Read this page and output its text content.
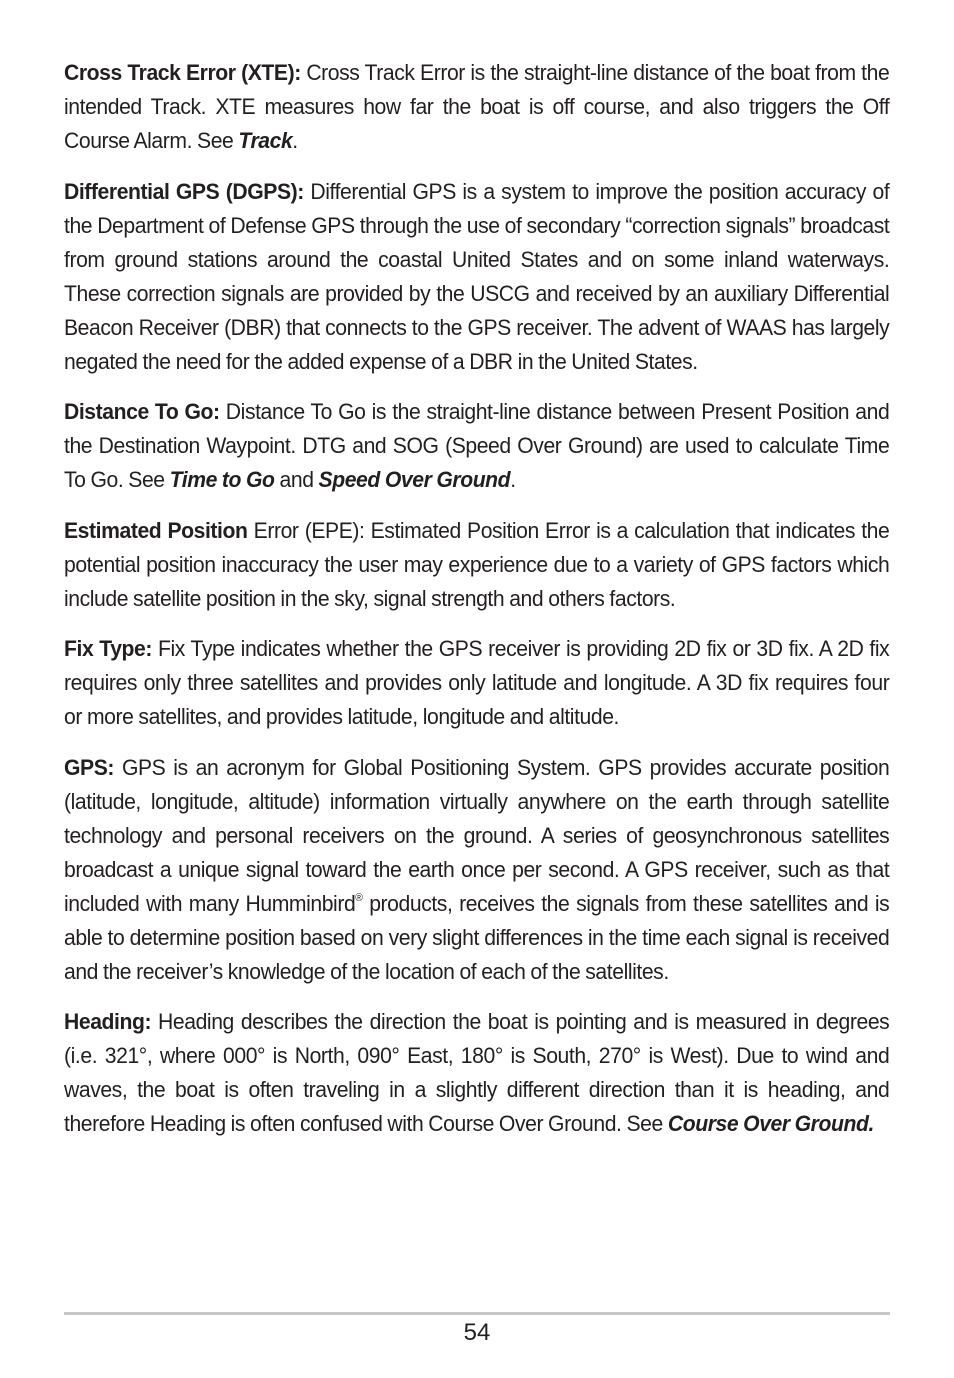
Cross Track Error (XTE): Cross Track Error is the straight-line distance of the boat from the intended Track. XTE measures how far the boat is off course, and also triggers the Off Course Alarm. See Track.

Differential GPS (DGPS): Differential GPS is a system to improve the position accuracy of the Department of Defense GPS through the use of secondary “correction signals” broadcast from ground stations around the coastal United States and on some inland waterways. These correction signals are provided by the USCG and received by an auxiliary Differential Beacon Receiver (DBR) that connects to the GPS receiver. The advent of WAAS has largely negated the need for the added expense of a DBR in the United States.

Distance To Go: Distance To Go is the straight-line distance between Present Position and the Destination Waypoint. DTG and SOG (Speed Over Ground) are used to calculate Time To Go. See Time to Go and Speed Over Ground.

Estimated Position Error (EPE): Estimated Position Error is a calculation that indicates the potential position inaccuracy the user may experience due to a variety of GPS factors which include satellite position in the sky, signal strength and others factors.

Fix Type: Fix Type indicates whether the GPS receiver is providing 2D fix or 3D fix. A 2D fix requires only three satellites and provides only latitude and longitude. A 3D fix requires four or more satellites, and provides latitude, longitude and altitude.

GPS: GPS is an acronym for Global Positioning System. GPS provides accurate position (latitude, longitude, altitude) information virtually anywhere on the earth through satellite technology and personal receivers on the ground. A series of geosynchronous satellites broadcast a unique signal toward the earth once per second. A GPS receiver, such as that included with many Humminbird® products, receives the signals from these satellites and is able to determine position based on very slight differences in the time each signal is received and the receiver’s knowledge of the location of each of the satellites.

Heading: Heading describes the direction the boat is pointing and is measured in degrees (i.e. 321°, where 000° is North, 090° East, 180° is South, 270° is West). Due to wind and waves, the boat is often traveling in a slightly different direction than it is heading, and therefore Heading is often confused with Course Over Ground. See Course Over Ground.

54
